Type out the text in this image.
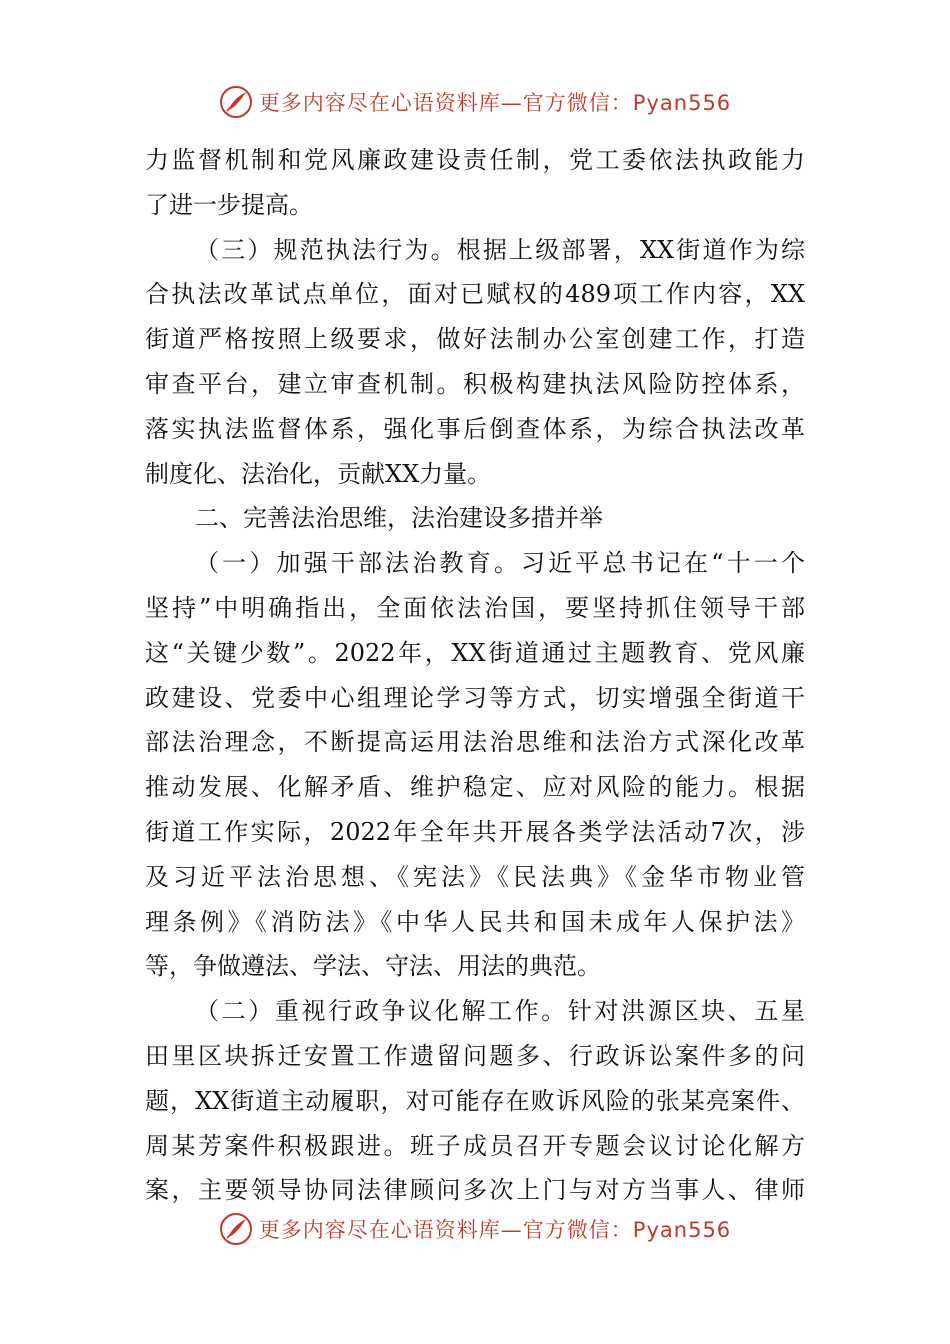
更多内容尽在心语资料库—官方微信：Pyan556
力监督机制和党风廉政建设责任制，党工委依法执政能力
了进一步提高。
（三）规范执法行为。根据上级部署，XX街道作为综
合执法改革试点单位，面对已赋权的489项工作内容，XX
街道严格按照上级要求，做好法制办公室创建工作，打造
审查平台，建立审查机制。积极构建执法风险防控体系，
落实执法监督体系，强化事后倒查体系，为综合执法改革
制度化、法治化，贡献XX力量。
二、完善法治思维，法治建设多措并举
（一）加强干部法治教育。习近平总书记在“十一个
坚持”中明确指出，全面依法治国，要坚持抓住领导干部
这“关键少数”。2022年，XX街道通过主题教育、党风廉
政建设、党委中心组理论学习等方式，切实增强全街道干
部法治理念，不断提高运用法治思维和法治方式深化改革
推动发展、化解矛盾、维护稳定、应对风险的能力。根据
街道工作实际，2022年全年共开展各类学法活动7次，涉
及习近平法治思想、《宪法》《民法典》《金华市物业管
理条例》《消防法》《中华人民共和国未成年人保护法》
等，争做遵法、学法、守法、用法的典范。
（二）重视行政争议化解工作。针对洪源区块、五星
田里区块拆迁安置工作遗留问题多、行政诉讼案件多的问
题，XX街道主动履职，对可能存在败诉风险的张某亮案件、
周某芳案件积极跟进。班子成员召开专题会议讨论化解方
案，主要领导协同法律顾问多次上门与对方当事人、律师
更多内容尽在心语资料库—官方微信：Pyan556
